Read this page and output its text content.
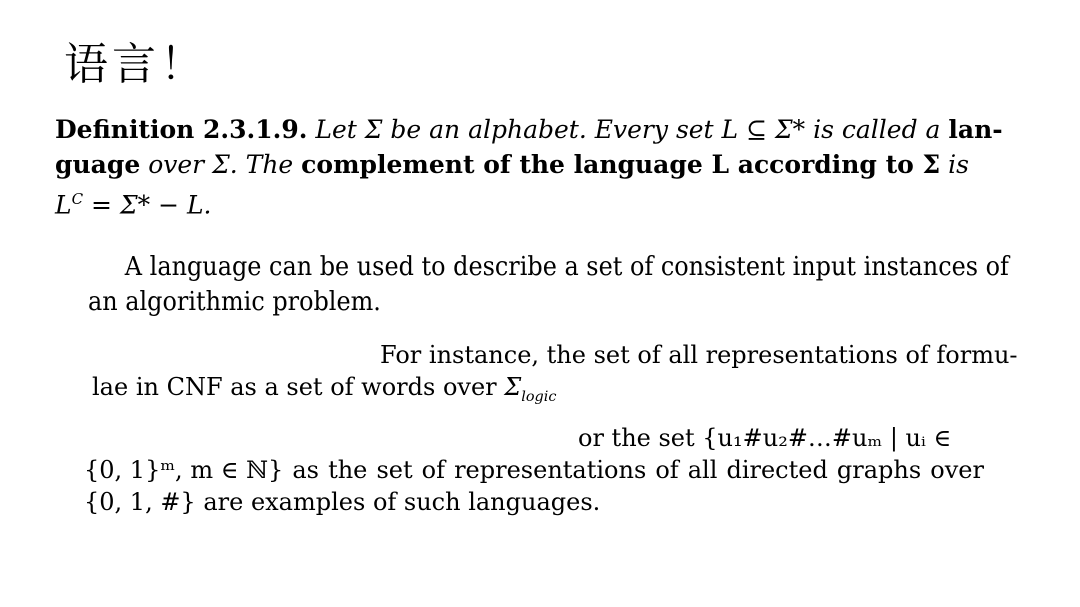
语言！
Definition 2.3.1.9. Let Σ be an alphabet. Every set L ⊆ Σ* is called a lan-
guage over Σ. The complement of the language L according to Σ is
$L^C = \Sigma* - L$.
A language can be used to describe a set of consistent input instances of
an algorithmic problem.
For instance, the set of all representations of formu-
lae in CNF as a set of words over $\Sigma_{logic}$
or the set {u₁#u₂#…#uₘ | uᵢ ∈
{0, 1}ᵐ, m ∈ ℕ} as the set of representations of all directed graphs over
{0, 1, #} are examples of such languages.
